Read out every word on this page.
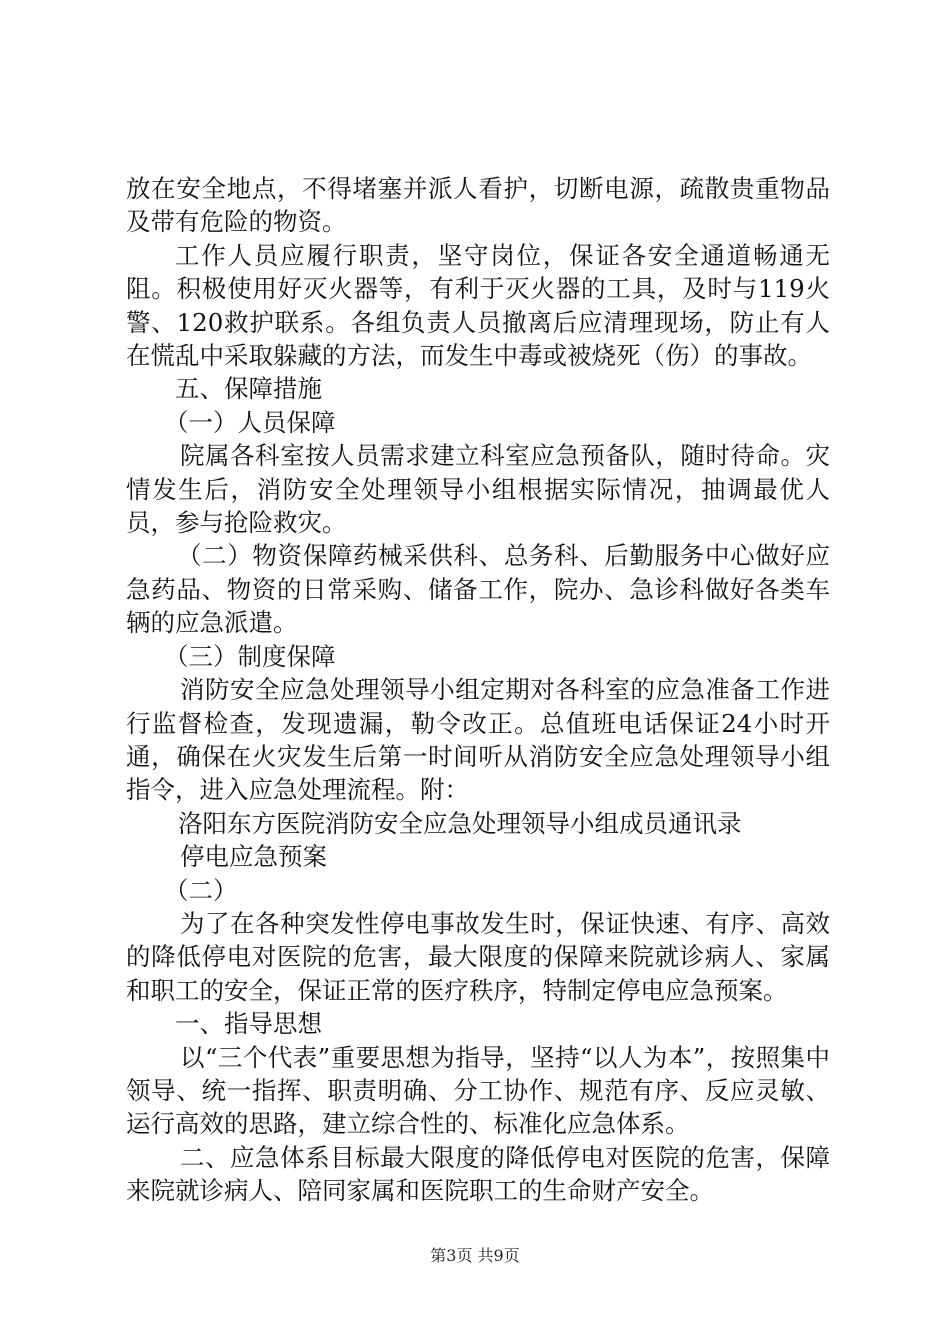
放在安全地点，不得堵塞并派人看护，切断电源，疏散贵重物品及带有危险的物资。

工作人员应履行职责，坚守岗位，保证各安全通道畅通无阻。积极使用好灭火器等，有利于灭火器的工具，及时与119火警、120救护联系。各组负责人员撤离后应清理现场，防止有人在慌乱中采取躲藏的方法，而发生中毒或被烧死（伤）的事故。

五、保障措施

（一）人员保障

院属各科室按人员需求建立科室应急预备队，随时待命。灾情发生后，消防安全处理领导小组根据实际情况，抽调最优人员，参与抢险救灾。

（二）物资保障药械采供科、总务科、后勤服务中心做好应急药品、物资的日常采购、储备工作，院办、急诊科做好各类车辆的应急派遣。

（三）制度保障

消防安全应急处理领导小组定期对各科室的应急准备工作进行监督检查，发现遗漏，勒令改正。总值班电话保证24小时开通，确保在火灾发生后第一时间听从消防安全应急处理领导小组指令，进入应急处理流程。附：

洛阳东方医院消防安全应急处理领导小组成员通讯录

停电应急预案

（二）

为了在各种突发性停电事故发生时，保证快速、有序、高效的降低停电对医院的危害，最大限度的保障来院就诊病人、家属和职工的安全，保证正常的医疗秩序，特制定停电应急预案。

一、指导思想

以“三个代表”重要思想为指导，坚持“以人为本”，按照集中领导、统一指挥、职责明确、分工协作、规范有序、反应灵敏、运行高效的思路，建立综合性的、标准化应急体系。

二、应急体系目标最大限度的降低停电对医院的危害，保障来院就诊病人、陪同家属和医院职工的生命财产安全。

第3页 共9页
